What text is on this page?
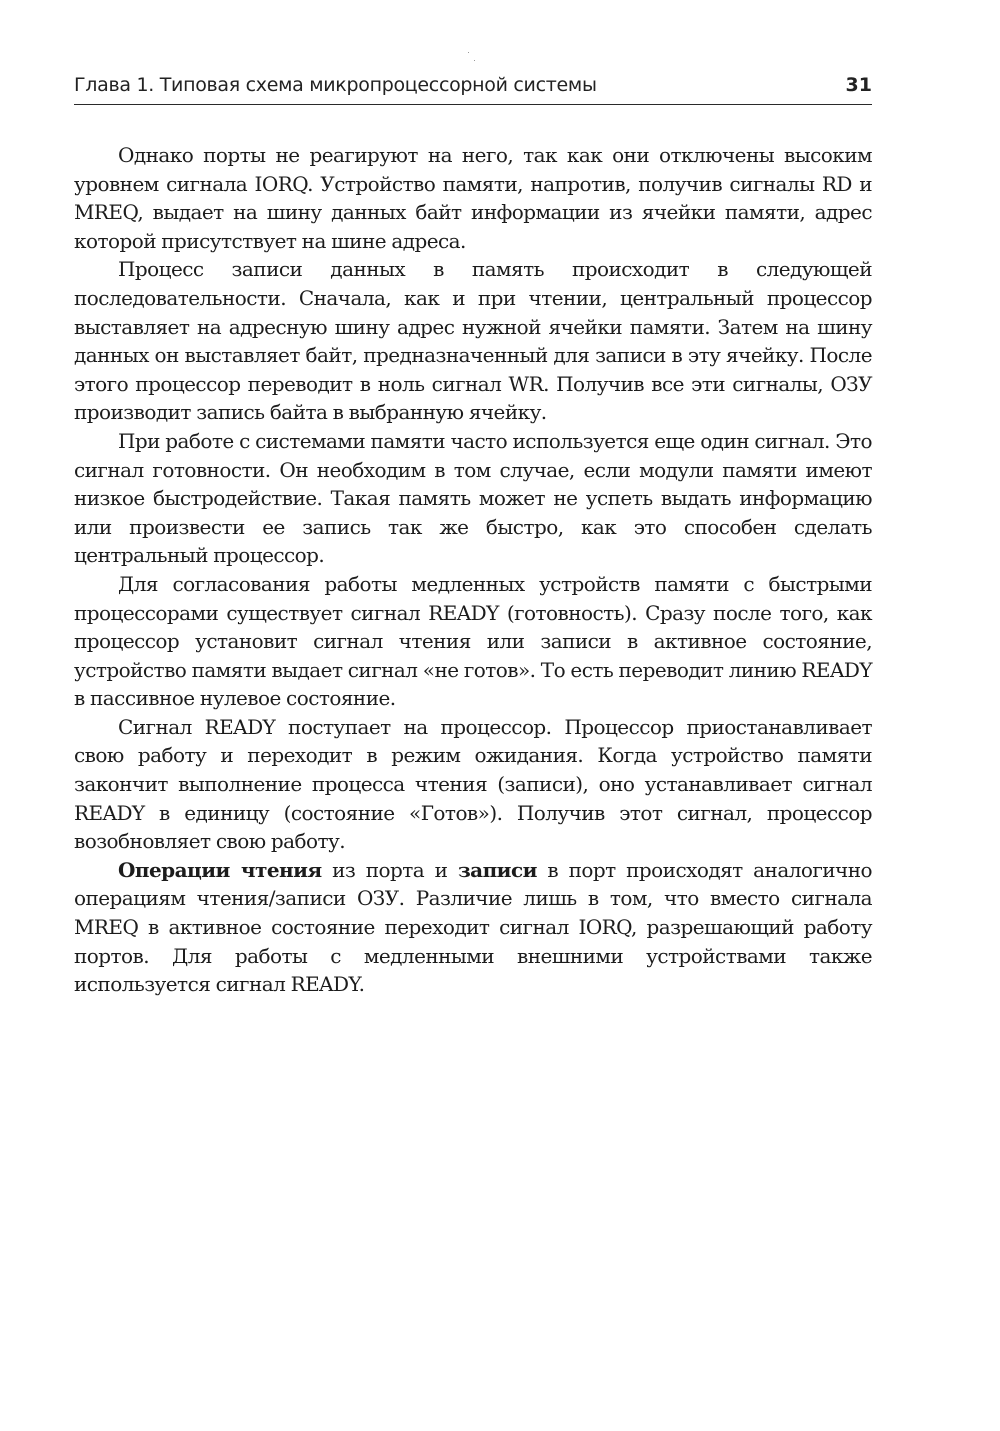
Глава 1. Типовая схема микропроцессорной системы	31

Однако порты не реагируют на него, так как они отключены высоким уровнем сигнала IORQ. Устройство памяти, напротив, получив сигналы RD и MREQ, выдает на шину данных байт информации из ячейки памяти, адрес которой присутствует на шине адреса.

Процесс записи данных в память происходит в следующей последовательности. Сначала, как и при чтении, центральный процессор выставляет на адресную шину адрес нужной ячейки памяти. Затем на шину данных он выставляет байт, предназначенный для записи в эту ячейку. После этого процессор переводит в ноль сигнал WR. Получив все эти сигналы, ОЗУ производит запись байта в выбранную ячейку.

При работе с системами памяти часто используется еще один сигнал. Это сигнал готовности. Он необходим в том случае, если модули памяти имеют низкое быстродействие. Такая память может не успеть выдать информацию или произвести ее запись так же быстро, как это способен сделать центральный процессор.

Для согласования работы медленных устройств памяти с быстрыми процессорами существует сигнал READY (готовность). Сразу после того, как процессор установит сигнал чтения или записи в активное состояние, устройство памяти выдает сигнал «не готов». То есть переводит линию READY в пассивное нулевое состояние.

Сигнал READY поступает на процессор. Процессор приостанавливает свою работу и переходит в режим ожидания. Когда устройство памяти закончит выполнение процесса чтения (записи), оно устанавливает сигнал READY в единицу (состояние «Готов»). Получив этот сигнал, процессор возобновляет свою работу.

Операции чтения из порта и записи в порт происходят аналогично операциям чтения/записи ОЗУ. Различие лишь в том, что вместо сигнала MREQ в активное состояние переходит сигнал IORQ, разрешающий работу портов. Для работы с медленными внешними устройствами также используется сигнал READY.
